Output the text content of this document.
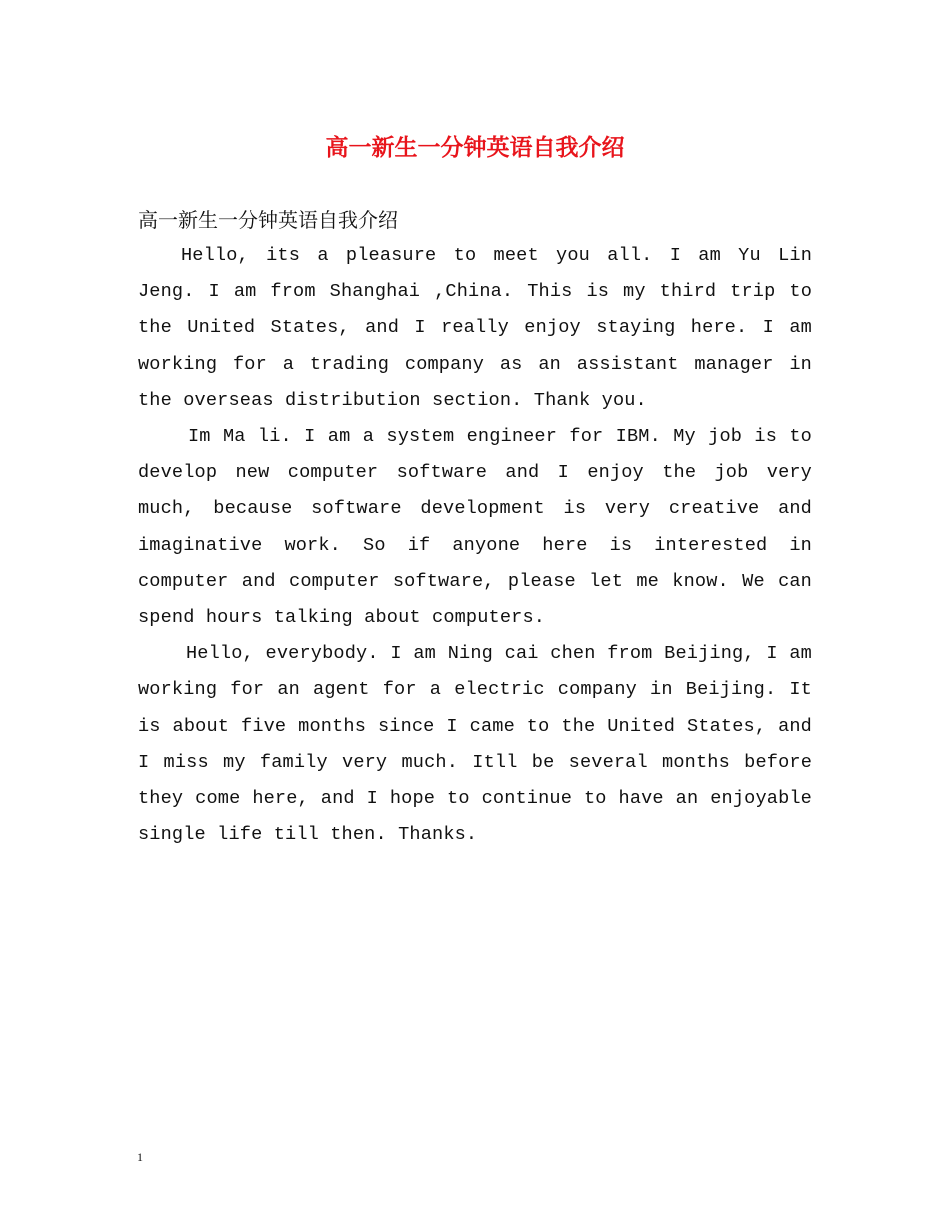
高一新生一分钟英语自我介绍

高一新生一分钟英语自我介绍

Hello, its a pleasure to meet you all. I am Yu Lin Jeng. I am from Shanghai ,China. This is my third trip to the United States, and I really enjoy staying here. I am working for a trading company as an assistant manager in the overseas distribution section. Thank you.

Im Ma li. I am a system engineer for IBM. My job is to develop new computer software and I enjoy the job very much, because software development is very creative and imaginative work. So if anyone here is interested in computer and computer software, please let me know. We can spend hours talking about computers.

Hello, everybody. I am Ning cai chen from Beijing, I am working for an agent for a electric company in Beijing. It is about five months since I came to the United States, and I miss my family very much. Itll be several months before they come here, and I hope to continue to have an enjoyable single life till then. Thanks.

1
